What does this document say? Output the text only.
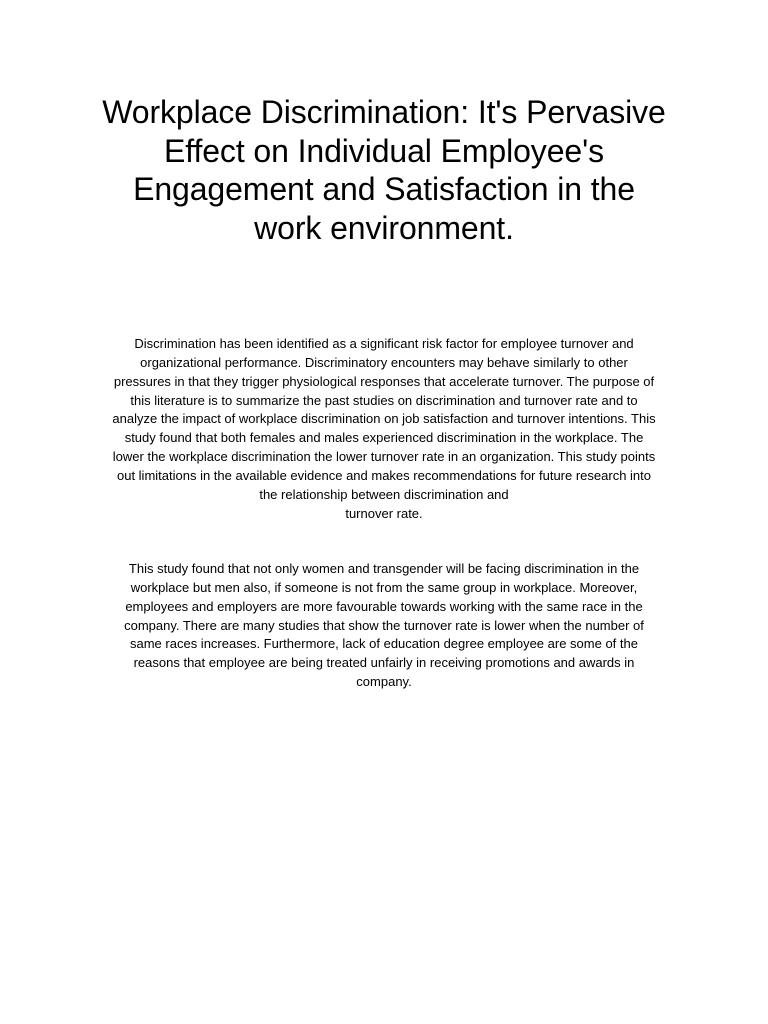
Workplace Discrimination: It's Pervasive
Effect on Individual Employee's
Engagement and Satisfaction in the
work environment.

Discrimination has been identified as a significant risk factor for employee turnover and
organizational performance. Discriminatory encounters may behave similarly to other
pressures in that they trigger physiological responses that accelerate turnover. The purpose of
this literature is to summarize the past studies on discrimination and turnover rate and to
analyze the impact of workplace discrimination on job satisfaction and turnover intentions. This
study found that both females and males experienced discrimination in the workplace. The
lower the workplace discrimination the lower turnover rate in an organization. This study points
out limitations in the available evidence and makes recommendations for future research into
the relationship between discrimination and
turnover rate.

This study found that not only women and transgender will be facing discrimination in the
workplace but men also, if someone is not from the same group in workplace. Moreover,
employees and employers are more favourable towards working with the same race in the
company. There are many studies that show the turnover rate is lower when the number of
same races increases. Furthermore, lack of education degree employee are some of the
reasons that employee are being treated unfairly in receiving promotions and awards in
company.
